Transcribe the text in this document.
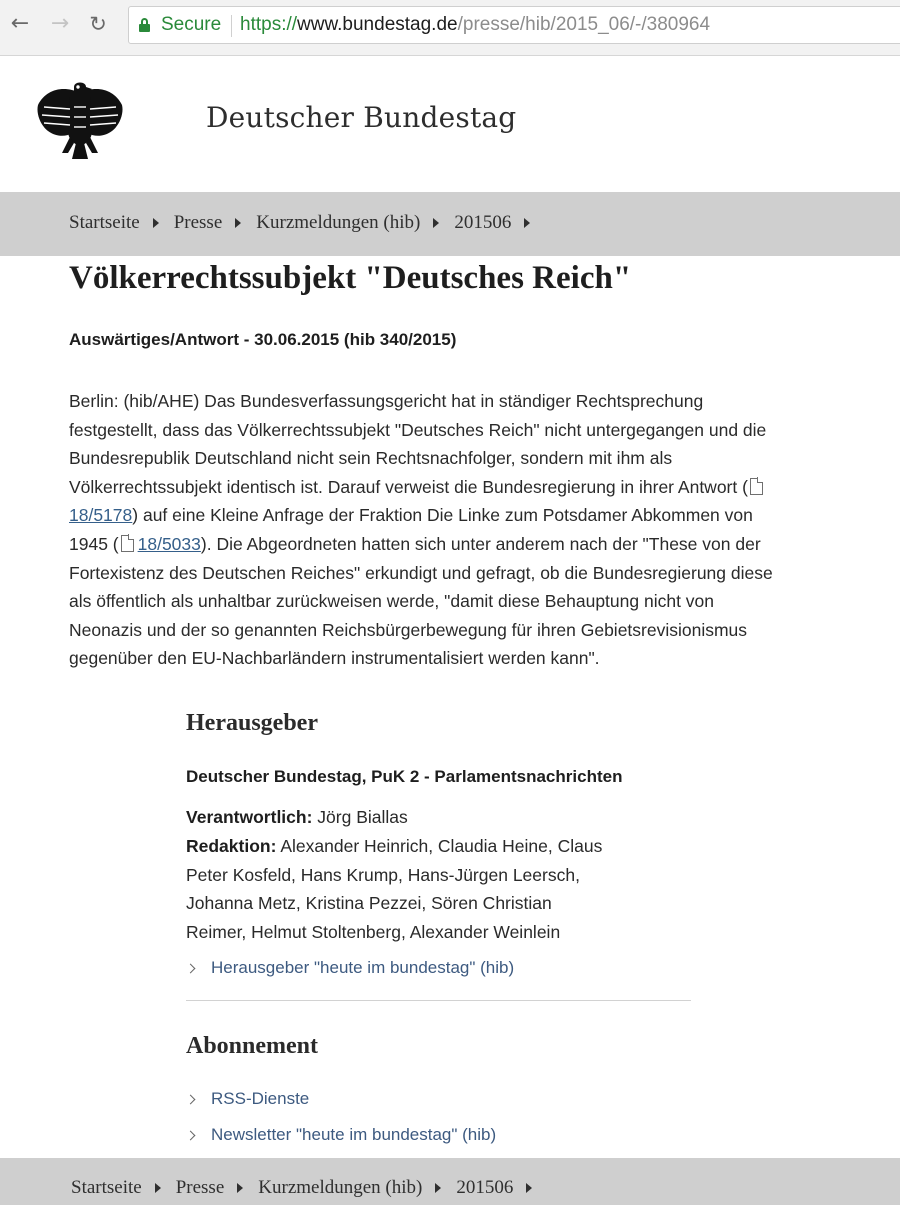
← → ↻	Secure https://www.bundestag.de/presse/hib/2015_06/-/380964
Deutscher Bundestag
Startseite Presse Kurzmeldungen (hib) 201506
Völkerrechtssubjekt "Deutsches Reich"
Auswärtiges/Antwort - 30.06.2015 (hib 340/2015)
Berlin: (hib/AHE) Das Bundesverfassungsgericht hat in ständiger Rechtsprechung
festgestellt, dass das Völkerrechtssubjekt "Deutsches Reich" nicht untergegangen und die
Bundesrepublik Deutschland nicht sein Rechtsnachfolger, sondern mit ihm als
Völkerrechtssubjekt identisch ist. Darauf verweist die Bundesregierung in ihrer Antwort (
18/5178) auf eine Kleine Anfrage der Fraktion Die Linke zum Potsdamer Abkommen von
1945 ( 18/5033). Die Abgeordneten hatten sich unter anderem nach der "These von der
Fortexistenz des Deutschen Reiches" erkundigt und gefragt, ob die Bundesregierung diese
als öffentlich als unhaltbar zurückweisen werde, "damit diese Behauptung nicht von
Neonazis und der so genannten Reichsbürgerbewegung für ihren Gebietsrevisionismus
gegenüber den EU-Nachbarländern instrumentalisiert werden kann".
Herausgeber
Deutscher Bundestag, PuK 2 - Parlamentsnachrichten
Verantwortlich: Jörg Biallas
Redaktion: Alexander Heinrich, Claudia Heine, Claus
Peter Kosfeld, Hans Krump, Hans-Jürgen Leersch,
Johanna Metz, Kristina Pezzei, Sören Christian
Reimer, Helmut Stoltenberg, Alexander Weinlein
Herausgeber "heute im bundestag" (hib)
Abonnement
RSS-Dienste
Newsletter "heute im bundestag" (hib)
Startseite Presse Kurzmeldungen (hib) 201506
